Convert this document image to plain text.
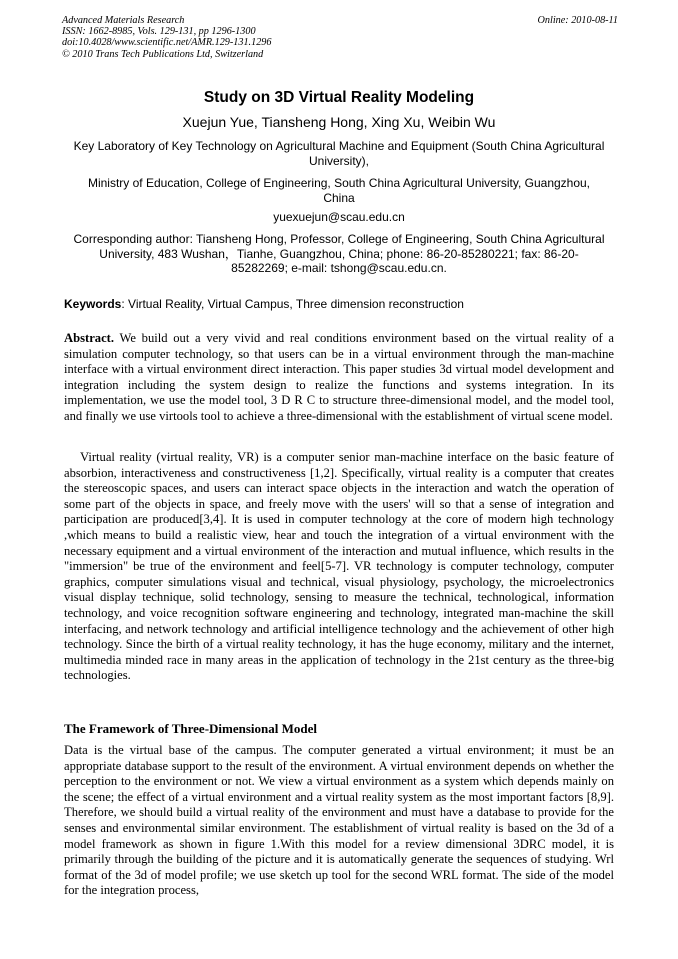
Advanced Materials Research
ISSN: 1662-8985, Vols. 129-131, pp 1296-1300
doi:10.4028/www.scientific.net/AMR.129-131.1296
© 2010 Trans Tech Publications Ltd, Switzerland
Online: 2010-08-11
Study on 3D Virtual Reality Modeling
Xuejun Yue, Tiansheng Hong, Xing Xu, Weibin Wu
Key Laboratory of Key Technology on Agricultural Machine and Equipment (South China Agricultural University),
Ministry of Education, College of Engineering, South China Agricultural University, Guangzhou, China
yuexuejun@scau.edu.cn
Corresponding author: Tiansheng Hong, Professor, College of Engineering, South China Agricultural University, 483 Wushan，Tianhe, Guangzhou, China; phone: 86-20-85280221; fax: 86-20-85282269; e-mail: tshong@scau.edu.cn.
Keywords: Virtual Reality, Virtual Campus, Three dimension reconstruction
Abstract. We build out a very vivid and real conditions environment based on the virtual reality of a simulation computer technology, so that users can be in a virtual environment through the man-machine interface with a virtual environment direct interaction. This paper studies 3d virtual model development and integration including the system design to realize the functions and systems integration. In its implementation, we use the model tool, 3 D R C to structure three-dimensional model, and the model tool, and finally we use virtools tool to achieve a three-dimensional with the establishment of virtual scene model.
Virtual reality (virtual reality, VR) is a computer senior man-machine interface on the basic feature of absorbion, interactiveness and constructiveness [1,2]. Specifically, virtual reality is a computer that creates the stereoscopic spaces, and users can interact space objects in the interaction and watch the operation of some part of the objects in space, and freely move with the users' will so that a sense of integration and participation are produced[3,4]. It is used in computer technology at the core of modern high technology ,which means to build a realistic view, hear and touch the integration of a virtual environment with the necessary equipment and a virtual environment of the interaction and mutual influence, which results in the "immersion" be true of the environment and feel[5-7]. VR technology is computer technology, computer graphics, computer simulations visual and technical, visual physiology, psychology, the microelectronics visual display technique, solid technology, sensing to measure the technical, technological, information technology, and voice recognition software engineering and technology, integrated man-machine the skill interfacing, and network technology and artificial intelligence technology and the achievement of other high technology. Since the birth of a virtual reality technology, it has the huge economy, military and the internet, multimedia minded race in many areas in the application of technology in the 21st century as the three-big technologies.
The Framework of Three-Dimensional Model
Data is the virtual base of the campus. The computer generated a virtual environment; it must be an appropriate database support to the result of the environment. A virtual environment depends on whether the perception to the environment or not. We view a virtual environment as a system which depends mainly on the scene; the effect of a virtual environment and a virtual reality system as the most important factors [8,9]. Therefore, we should build a virtual reality of the environment and must have a database to provide for the senses and environmental similar environment. The establishment of virtual reality is based on the 3d of a model framework as shown in figure 1.With this model for a review dimensional 3DRC model, it is primarily through the building of the picture and it is automatically generate the sequences of studying. Wrl format of the 3d of model profile; we use sketch up tool for the second WRL format. The side of the model for the integration process,
